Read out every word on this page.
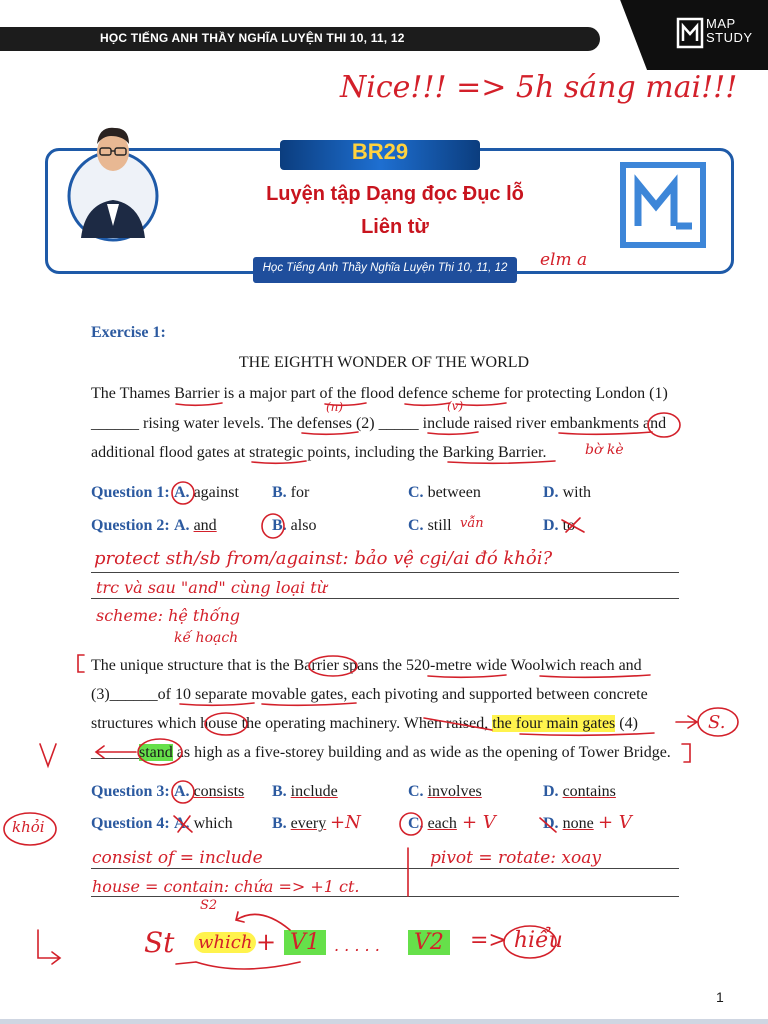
HỌC TIẾNG ANH THẦY NGHĨA LUYỆN THI 10, 11, 12
MAP
STUDY
BR29
Luyện tập Dạng đọc Đục lỗ
Liên từ
Học Tiếng Anh Thầy Nghĩa Luyện Thi 10, 11, 12
Exercise 1:
THE EIGHTH WONDER OF THE WORLD
The Thames Barrier is a major part of the flood defence scheme for protecting London (1)
______ rising water levels. The defenses (2) _____ include raised river embankments and
additional flood gates at strategic points, including the Barking Barrier.
Question 1: A. against B. for	C. between	D. with
Question 2: A. and	B. also	C. still	D. to
protect sth/sb from/against: bảo vệ cgi/ai đó khỏi?
trc và sau "and" cùng loại từ
scheme: hệ thống
kế hoạch
The unique structure that is the Barrier spans the 520-metre wide Woolwich reach and
(3)______of 10 separate movable gates, each pivoting and supported between concrete
structures which house the operating machinery. When raised, the four main gates (4)
______stand as high as a five-storey building and as wide as the opening of Tower Bridge.
Question 3: A. consists B. include	C. involves	D. contains
Question 4: A. which B. every	C. each	D. none
Nice!!! => 5h sáng mai!!!
elm a
(n)	(v)
bờ kè
vẫn
S.
khỏi	+N	+ V	+ V
consist of = include	pivot = rotate: xoay
house = contain: chứa => +1 ct.
S2
St which + V1 . . . . . V2 => hiểu
1
